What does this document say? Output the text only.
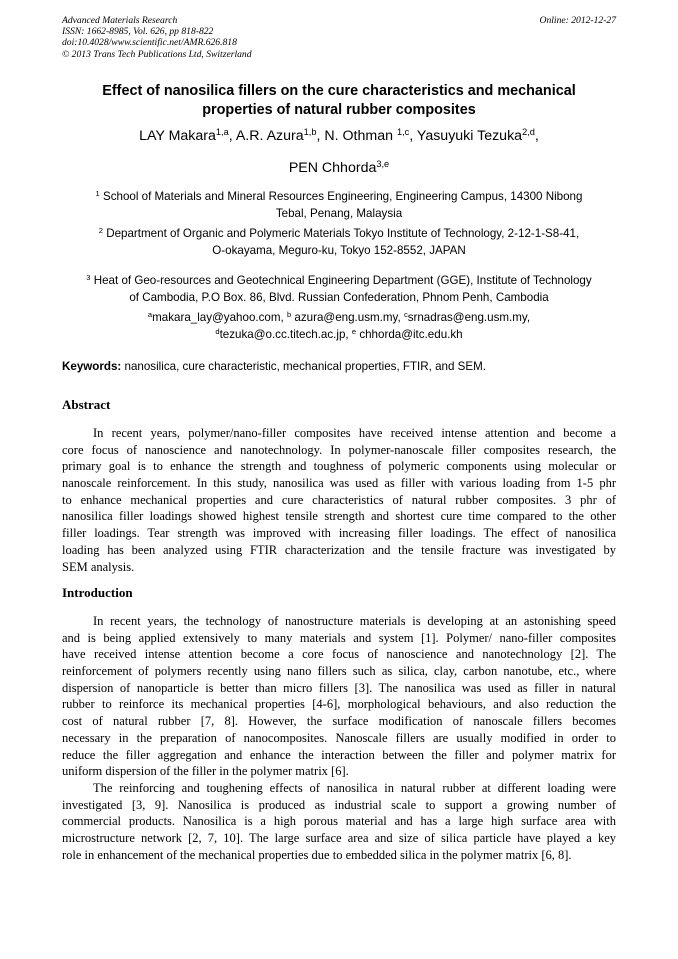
Advanced Materials Research
ISSN: 1662-8985, Vol. 626, pp 818-822
doi:10.4028/www.scientific.net/AMR.626.818
© 2013 Trans Tech Publications Ltd, Switzerland
Online: 2012-12-27
Effect of nanosilica fillers on the cure characteristics and mechanical
properties of natural rubber composites
LAY Makara$^{1,a}$, A.R. Azura$^{1,b}$, N. Othman $^{1,c}$, Yasuyuki Tezuka$^{2,d}$,
PEN Chhorda$^{3,e}$
$^1$ School of Materials and Mineral Resources Engineering, Engineering Campus, 14300 Nibong
Tebal, Penang, Malaysia
$^2$ Department of Organic and Polymeric Materials Tokyo Institute of Technology, 2-12-1-S8-41,
O-okayama, Meguro-ku, Tokyo 152-8552, JAPAN
$^3$ Heat of Geo-resources and Geotechnical Engineering Department (GGE), Institute of Technology
of Cambodia, P.O Box. 86, Blvd. Russian Confederation, Phnom Penh, Cambodia
$^a$makara_lay@yahoo.com, $^b$ azura@eng.usm.my, $^c$srnadras@eng.usm.my,
$^d$tezuka@o.cc.titech.ac.jp, $^e$ chhorda@itc.edu.kh
Keywords: nanosilica, cure characteristic, mechanical properties, FTIR, and SEM.
Abstract
In recent years, polymer/nano-filler composites have received intense attention and become a
core focus of nanoscience and nanotechnology. In polymer-nanoscale filler composites research, the
primary goal is to enhance the strength and toughness of polymeric components using molecular or
nanoscale reinforcement. In this study, nanosilica was used as filler with various loading from 1-5 phr
to enhance mechanical properties and cure characteristics of natural rubber composites. 3 phr of
nanosilica filler loadings showed highest tensile strength and shortest cure time compared to the other
filler loadings. Tear strength was improved with increasing filler loadings. The effect of nanosilica
loading has been analyzed using FTIR characterization and the tensile fracture was investigated by
SEM analysis.
Introduction
In recent years, the technology of nanostructure materials is developing at an astonishing speed
and is being applied extensively to many materials and system [1]. Polymer/ nano-filler composites
have received intense attention become a core focus of nanoscience and nanotechnology [2]. The
reinforcement of polymers recently using nano fillers such as silica, clay, carbon nanotube, etc., where
dispersion of nanoparticle is better than micro fillers [3]. The nanosilica was used as filler in natural
rubber to reinforce its mechanical properties [4-6], morphological behaviours, and also reduction the
cost of natural rubber [7, 8]. However, the surface modification of nanoscale fillers becomes
necessary in the preparation of nanocomposites. Nanoscale fillers are usually modified in order to
reduce the filler aggregation and enhance the interaction between the filler and polymer matrix for
uniform dispersion of the filler in the polymer matrix [6].
The reinforcing and toughening effects of nanosilica in natural rubber at different loading were
investigated [3, 9]. Nanosilica is produced as industrial scale to support a growing number of
commercial products. Nanosilica is a high porous material and has a large high surface area with
microstructure network [2, 7, 10]. The large surface area and size of silica particle have played a key
role in enhancement of the mechanical properties due to embedded silica in the polymer matrix [6, 8].
